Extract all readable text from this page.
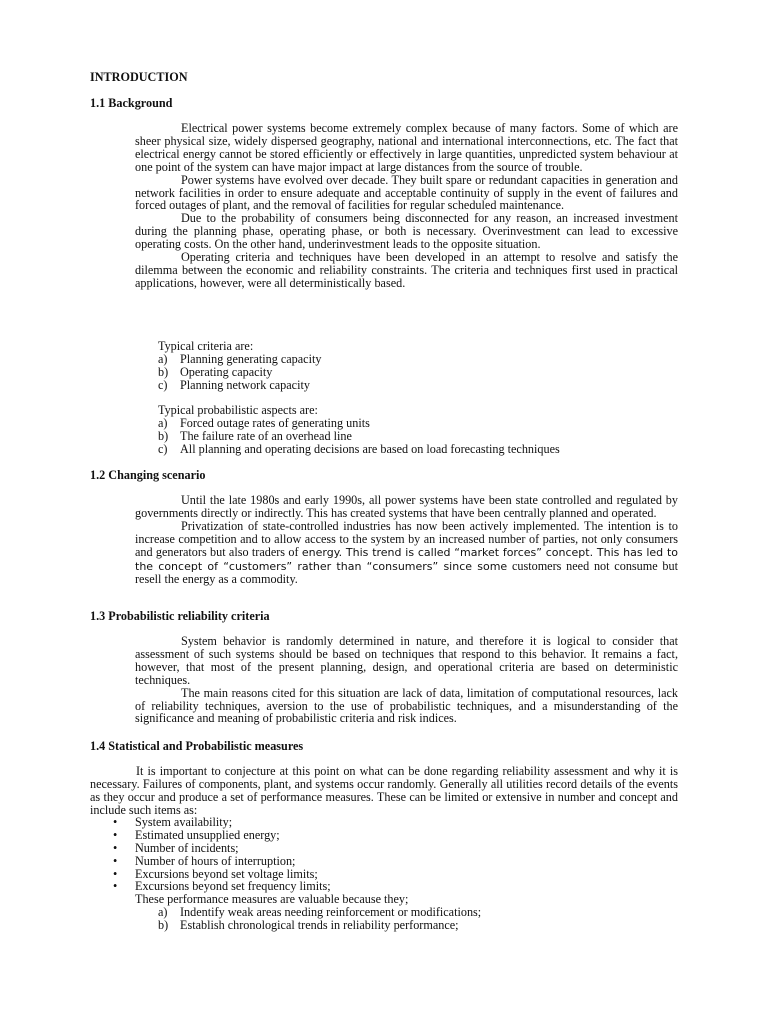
INTRODUCTION
1.1 Background

Electrical power systems become extremely complex because of many factors. Some of which are sheer physical size, widely dispersed geography, national and international interconnections, etc. The fact that electrical energy cannot be stored efficiently or effectively in large quantities, unpredicted system behaviour at one point of the system can have major impact at large distances from the source of trouble.

Power systems have evolved over decade. They built spare or redundant capacities in generation and network facilities in order to ensure adequate and acceptable continuity of supply in the event of failures and forced outages of plant, and the removal of facilities for regular scheduled maintenance.

Due to the probability of consumers being disconnected for any reason, an increased investment during the planning phase, operating phase, or both is necessary. Overinvestment can lead to excessive operating costs. On the other hand, underinvestment leads to the opposite situation.

Operating criteria and techniques have been developed in an attempt to resolve and satisfy the dilemma between the economic and reliability constraints. The criteria and techniques first used in practical applications, however, were all deterministically based.

Typical criteria are:
a) Planning generating capacity
b) Operating capacity
c) Planning network capacity
Typical probabilistic aspects are:
a) Forced outage rates of generating units
b) The failure rate of an overhead line
c) All planning and operating decisions are based on load forecasting techniques
1.2 Changing scenario

Until the late 1980s and early 1990s, all power systems have been state controlled and regulated by governments directly or indirectly. This has created systems that have been centrally planned and operated.

Privatization of state-controlled industries has now been actively implemented. The intention is to increase competition and to allow access to the system by an increased number of parties, not only consumers and generators but also traders of energy. This trend is called “market forces” concept. This has led to the concept of “customers” rather than “consumers” since some customers need not consume but resell the energy as a commodity.

1.3 Probabilistic reliability criteria

System behavior is randomly determined in nature, and therefore it is logical to consider that assessment of such systems should be based on techniques that respond to this behavior. It remains a fact, however, that most of the present planning, design, and operational criteria are based on deterministic techniques.

The main reasons cited for this situation are lack of data, limitation of computational resources, lack of reliability techniques, aversion to the use of probabilistic techniques, and a misunderstanding of the significance and meaning of probabilistic criteria and risk indices.

1.4 Statistical and Probabilistic measures

It is important to conjecture at this point on what can be done regarding reliability assessment and why it is necessary. Failures of components, plant, and systems occur randomly. Generally all utilities record details of the events as they occur and produce a set of performance measures. These can be limited or extensive in number and concept and include such items as:

• System availability;
• Estimated unsupplied energy;
• Number of incidents;
• Number of hours of interruption;
• Excursions beyond set voltage limits;
• Excursions beyond set frequency limits;
These performance measures are valuable because they;
a) Indentify weak areas needing reinforcement or modifications;
b) Establish chronological trends in reliability performance;
